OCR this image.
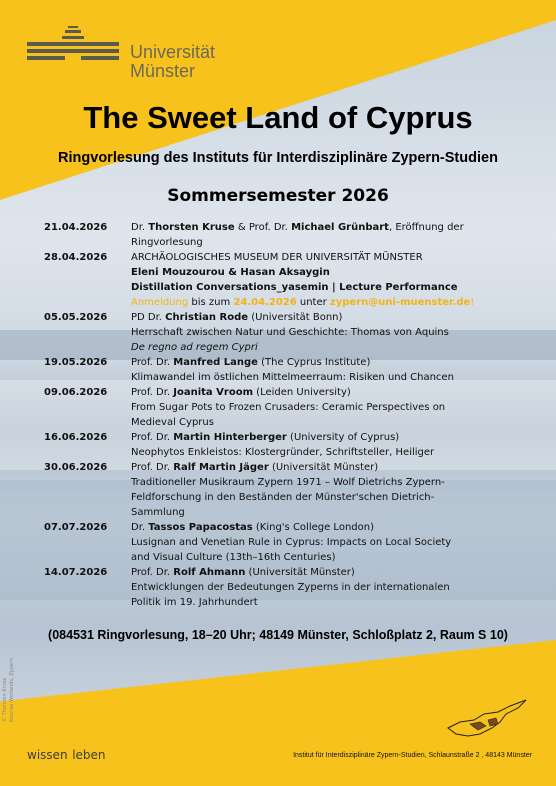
Universität
Münster
The Sweet Land of Cyprus
Ringvorlesung des Instituts für Interdisziplinäre Zypern-Studien
Sommersemester 2026
21.04.2026	Dr. Thorsten Kruse & Prof. Dr. Michael Grünbart, Eröffnung der
Ringvorlesung
28.04.2026	ARCHÄOLOGISCHES MUSEUM DER UNIVERSITÄT MÜNSTER
Eleni Mouzourou & Hasan Aksaygin
Distillation Conversations_yasemin | Lecture Performance
Anmeldung bis zum 24.04.2026 unter zypern@uni-muenster.de!
05.05.2026	PD Dr. Christian Rode (Universität Bonn)
Herrschaft zwischen Natur und Geschichte: Thomas von Aquins
De regno ad regem Cypri
19.05.2026	Prof. Dr. Manfred Lange (The Cyprus Institute)
Klimawandel im östlichen Mittelmeerraum: Risiken und Chancen
09.06.2026	Prof. Dr. Joanita Vroom (Leiden University)
From Sugar Pots to Frozen Crusaders: Ceramic Perspectives on
Medieval Cyprus
16.06.2026	Prof. Dr. Martin Hinterberger (University of Cyprus)
Neophytos Enkleistos: Klostergründer, Schriftsteller, Heiliger
30.06.2026	Prof. Dr. Ralf Martin Jäger (Universität Münster)
Traditioneller Musikraum Zypern 1971 – Wolf Dietrichs Zypern-
Feldforschung in den Beständen der Münster'schen Dietrich-
Sammlung
07.07.2026	Dr. Tassos Papacostas (King's College London)
Lusignan and Venetian Rule in Cyprus: Impacts on Local Society
and Visual Culture (13th–16th Centuries)
14.07.2026	Prof. Dr. Rolf Ahmann (Universität Münster)
Entwicklungen der Bedeutungen Zyperns in der internationalen
Politik im 19. Jahrhundert
(084531 Ringvorlesung, 18–20 Uhr; 48149 Münster, Schloßplatz 2, Raum S 10)
© Thorsten Kruse Kourias Wetlands, Zypern
wissen.leben	Institut für Interdisziplinäre Zypern-Studien, Schlaunstraße 2 , 48143 Münster
